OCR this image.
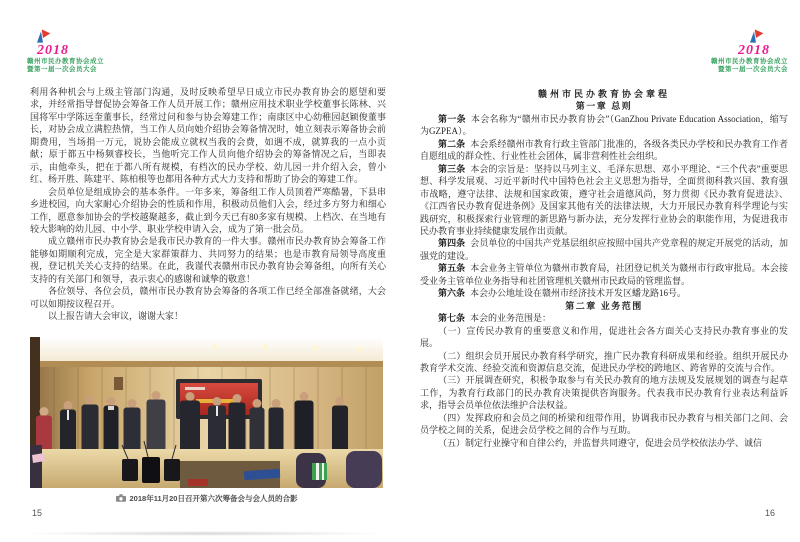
2018
赣州市民办教育协会成立
暨第一届一次会员大会

利用各种机会与上级主管部门沟通，及时反映希望早日成立市民办教育协会的愿望和要求，并经常指导督促协会筹备工作人员开展工作；赣州应用技术职业学校董事长陈林、兴国将军中学陈远奎董事长，经常过问和参与协会筹建工作；南康区中心幼稚园赵颖俊董事长，对协会成立满腔热情，当工作人员向她介绍协会筹备情况时，她立刻表示筹备协会前期费用，当场捐一万元，说协会能成立就权当我的会费，如遇不成，就算我的一点小贡献；原于都五中杨频睿校长，当他听完工作人员向他介绍协会的筹备情况之后，当即表示，由他牵头，把在于都八所有规模，有档次的民办学校、幼儿园一并介绍入会，曾小红、杨开胜、陈建平、陈柏根等也都用各种方式大力支持和帮助了协会的筹建工作。

会员单位是组成协会的基本条件。一年多来，筹备组工作人员顶着严寒酷暑，下县串乡进校园，向大家耐心介绍协会的性质和作用，积极动员他们入会，经过多方努力和细心工作，愿意参加协会的学校越聚越多，截止到今天已有80多家有规模、上档次、在当地有较大影响的幼儿园、中小学、职业学校申请入会，成为了第一批会员。

成立赣州市民办教育协会是我市民办教育的一件大事。赣州市民办教育协会筹备工作能够如期顺利完成，完全是大家群策群力、共同努力的结果；也是市教育局领导高度重视，登记机关关心支持的结果。在此，我谨代表赣州市民办教育协会筹备组，向所有关心支持的有关部门和领导，表示衷心的感谢和诚挚的敬意！

各位领导、各位会员，赣州市民办教育协会筹备的各项工作已经全部准备就绪，大会可以如期按议程召开。

以上报告请大会审议，谢谢大家！

2018年11月20日召开第六次筹备会与会人员的合影
15
2018
赣州市民办教育协会成立
暨第一届一次会员大会

赣州市民办教育协会章程

第一章 总则

第一条 本会名称为“赣州市民办教育协会”（GanZhou Private Education Association，缩写为GZPEA）。

第二条 本会系经赣州市教育行政主管部门批准的，各级各类民办学校和民办教育工作者自愿组成的群众性、行业性社会团体，属非营利性社会组织。

第三条 本会的宗旨是：坚持以马列主义、毛泽东思想、邓小平理论、“三个代表”重要思想、科学发展观、习近平新时代中国特色社会主义思想为指导，全面贯彻科教兴国、教育强市战略，遵守法律、法规和国家政策，遵守社会道德风尚，努力贯彻《民办教育促进法》、《江西省民办教育促进条例》及国家其他有关的法律法规，大力开展民办教育科学理论与实践研究，积极探索行业管理的新思路与新办法，充分发挥行业协会的职能作用，为促进我市民办教育事业持续健康发展作出贡献。

第四条 会员单位的中国共产党基层组织应按照中国共产党章程的规定开展党的活动，加强党的建设。

第五条 本会业务主管单位为赣州市教育局，社团登记机关为赣州市行政审批局。本会接受业务主管单位业务指导和社团管理机关赣州市民政局的管理监督。

第六条 本会办公地址设在赣州市经济技术开发区蟠龙路16号。

第二章 业务范围

第七条 本会的业务范围是：

（一）宣传民办教育的重要意义和作用，促进社会各方面关心支持民办教育事业的发展。

（二）组织会员开展民办教育科学研究，推广民办教育科研成果和经验。组织开展民办教育学术交流、经验交流和资源信息交流，促进民办学校的跨地区、跨省界的交流与合作。

（三）开展调查研究，积极争取参与有关民办教育的地方法规及发展规划的调查与起草工作，为教育行政部门的民办教育决策提供咨询服务。代表我市民办教育行业表达利益诉求，指导会员单位依法维护合法权益。

（四）发挥政府和会员之间的桥梁和纽带作用，协调我市民办教育与相关部门之间、会员学校之间的关系，促进会员学校之间的合作与互助。

（五）制定行业操守和自律公约，并监督共同遵守，促进会员学校依法办学、诚信

16
